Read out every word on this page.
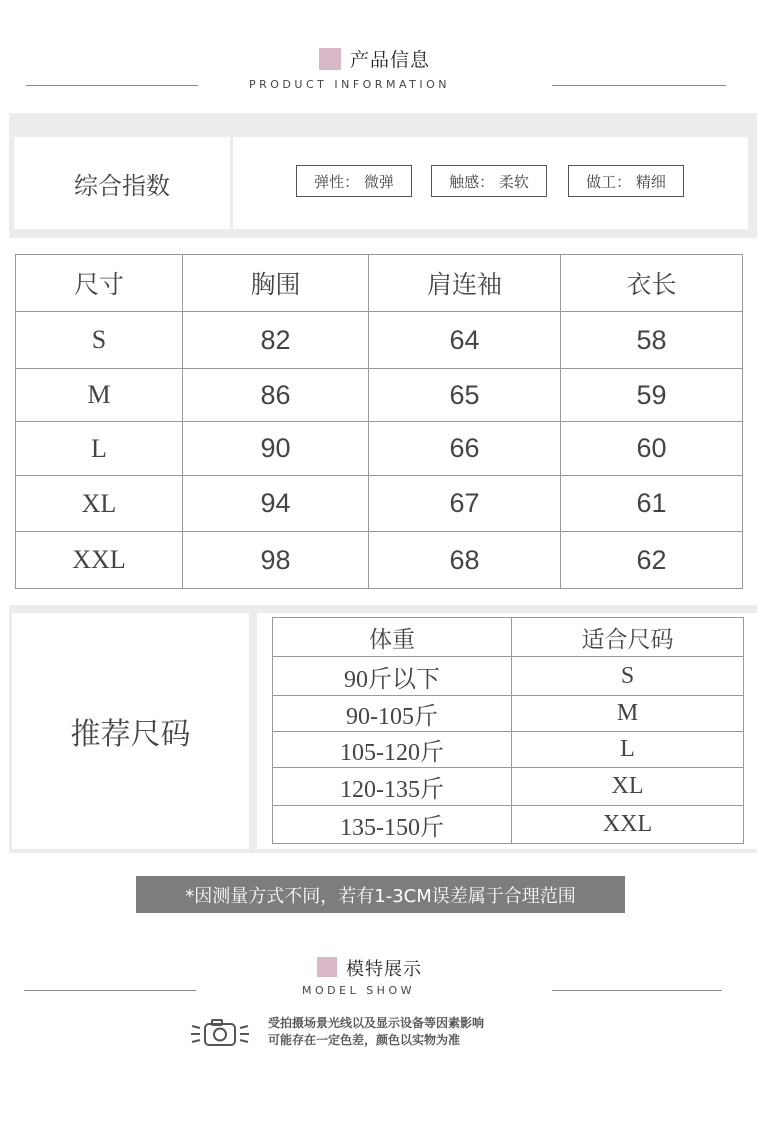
产品信息
PRODUCT INFORMATION
综合指数	弹性： 微弹	触感： 柔软	做工： 精细
尺寸	胸围	肩连袖	衣长
S	82	64	58
M	86	65	59
L	90	66	60
XL	94	67	61
XXL	98	68	62
推荐尺码
体重	适合尺码
90斤以下	S
90-105斤	M
105-120斤	L
120-135斤	XL
135-150斤	XXL
*因测量方式不同，若有1-3CM误差属于合理范围
模特展示
MODEL SHOW
受拍摄场景光线以及显示设备等因素影响
可能存在一定色差，颜色以实物为准
